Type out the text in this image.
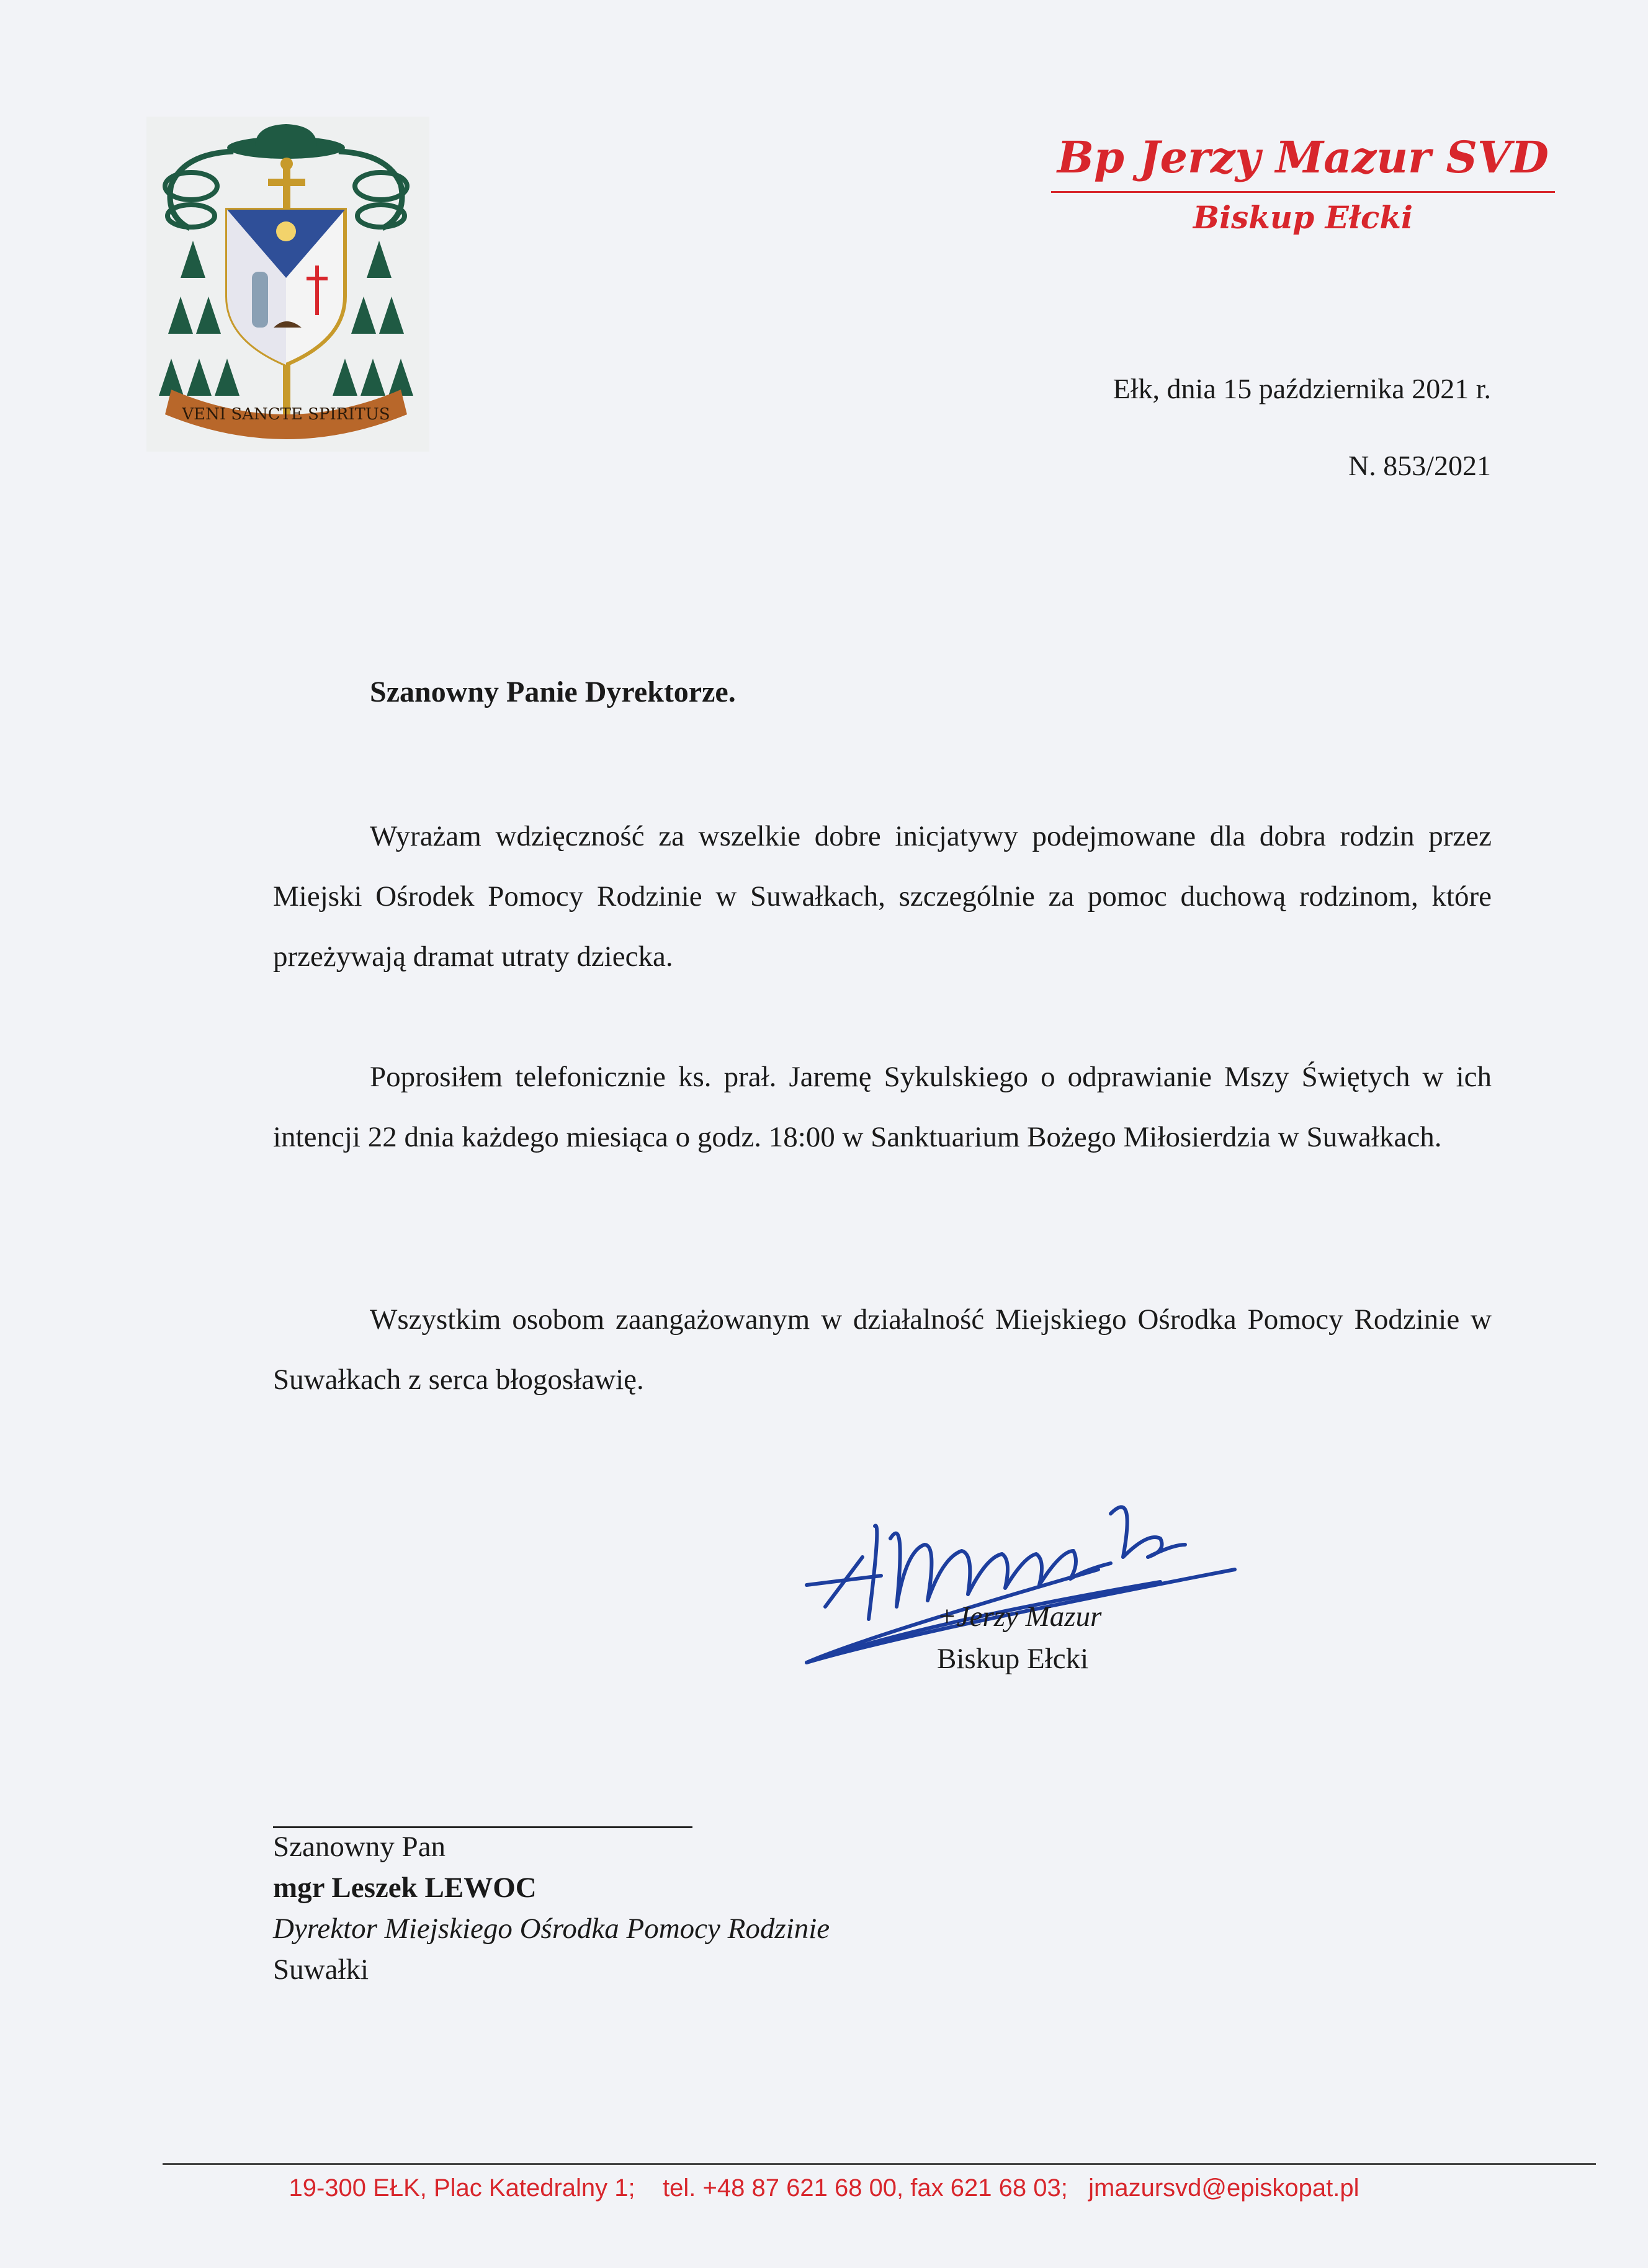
VENI SANCTE SPIRITUS
Bp Jerzy Mazur SVD
Biskup Ełcki
Ełk, dnia 15 października 2021 r.
N. 853/2021
Szanowny Panie Dyrektorze.
Wyrażam wdzięczność za wszelkie dobre inicjatywy podejmowane dla dobra rodzin przez Miejski Ośrodek Pomocy Rodzinie w Suwałkach, szczególnie za pomoc duchową rodzinom, które przeżywają dramat utraty dziecka.
Poprosiłem telefonicznie ks. prał. Jaremę Sykulskiego o odprawianie Mszy Świętych w ich intencji 22 dnia każdego miesiąca o godz. 18:00 w Sanktuarium Bożego Miłosierdzia w Suwałkach.
Wszystkim osobom zaangażowanym w działalność Miejskiego Ośrodka Pomocy Rodzinie w Suwałkach z serca błogosławię.
+Jerzy Mazur
Biskup Ełcki
Szanowny Pan
mgr Leszek LEWOC
Dyrektor Miejskiego Ośrodka Pomocy Rodzinie
Suwałki
19-300 EŁK, Plac Katedralny 1;    tel. +48 87 621 68 00, fax 621 68 03;   jmazursvd@episkopat.pl
